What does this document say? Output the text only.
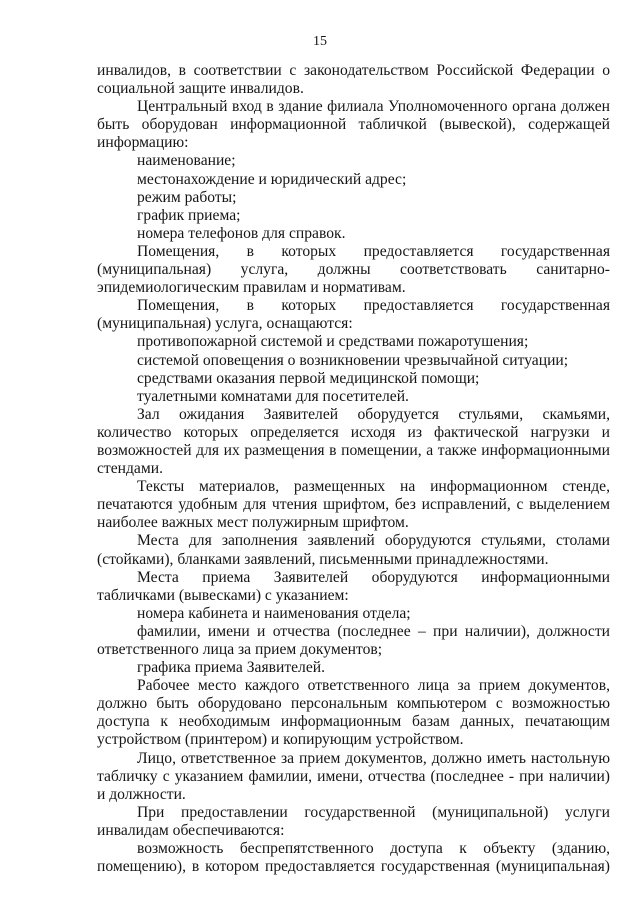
15

инвалидов, в соответствии с законодательством Российской Федерации о социальной защите инвалидов.

Центральный вход в здание филиала Уполномоченного органа должен быть оборудован информационной табличкой (вывеской), содержащей информацию:

наименование;

местонахождение и юридический адрес;

режим работы;

график приема;

номера телефонов для справок.

Помещения, в которых предоставляется государственная (муниципальная) услуга, должны соответствовать санитарно-эпидемиологическим правилам и нормативам.

Помещения, в которых предоставляется государственная (муниципальная) услуга, оснащаются:

противопожарной системой и средствами пожаротушения;

системой оповещения о возникновении чрезвычайной ситуации;

средствами оказания первой медицинской помощи;

туалетными комнатами для посетителей.

Зал ожидания Заявителей оборудуется стульями, скамьями, количество которых определяется исходя из фактической нагрузки и возможностей для их размещения в помещении, а также информационными стендами.

Тексты материалов, размещенных на информационном стенде, печатаются удобным для чтения шрифтом, без исправлений, с выделением наиболее важных мест полужирным шрифтом.

Места для заполнения заявлений оборудуются стульями, столами (стойками), бланками заявлений, письменными принадлежностями.

Места приема Заявителей оборудуются информационными табличками (вывесками) с указанием:

номера кабинета и наименования отдела;

фамилии, имени и отчества (последнее – при наличии), должности ответственного лица за прием документов;

графика приема Заявителей.

Рабочее место каждого ответственного лица за прием документов, должно быть оборудовано персональным компьютером с возможностью доступа к необходимым информационным базам данных, печатающим устройством (принтером) и копирующим устройством.

Лицо, ответственное за прием документов, должно иметь настольную табличку с указанием фамилии, имени, отчества (последнее - при наличии) и должности.

При предоставлении государственной (муниципальной) услуги инвалидам обеспечиваются:

возможность беспрепятственного доступа к объекту (зданию, помещению), в котором предоставляется государственная (муниципальная)
